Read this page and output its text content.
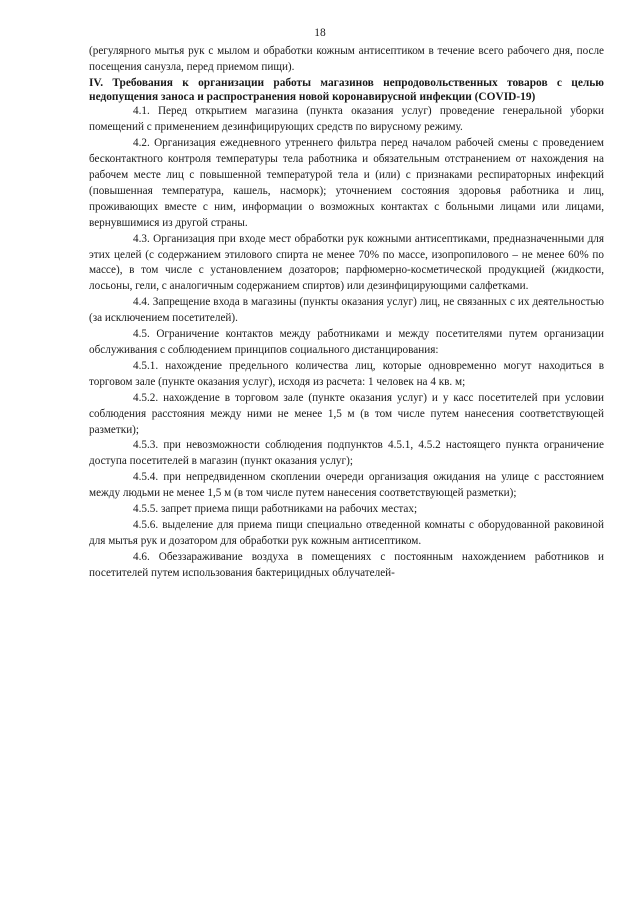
18

(регулярного мытья рук с мылом и обработки кожным антисептиком в течение всего рабочего дня, после посещения санузла, перед приемом пищи).

IV. Требования к организации работы магазинов непродовольственных товаров с целью недопущения заноса и распространения новой коронавирусной инфекции (COVID-19)

4.1. Перед открытием магазина (пункта оказания услуг) проведение генеральной уборки помещений с применением дезинфицирующих средств по вирусному режиму.

4.2. Организация ежедневного утреннего фильтра перед началом рабочей смены с проведением бесконтактного контроля температуры тела работника и обязательным отстранением от нахождения на рабочем месте лиц с повышенной температурой тела и (или) с признаками респираторных инфекций (повышенная температура, кашель, насморк); уточнением состояния здоровья работника и лиц, проживающих вместе с ним, информации о возможных контактах с больными лицами или лицами, вернувшимися из другой страны.

4.3. Организация при входе мест обработки рук кожными антисептиками, предназначенными для этих целей (с содержанием этилового спирта не менее 70% по массе, изопропилового – не менее 60% по массе), в том числе с установлением дозаторов; парфюмерно-косметической продукцией (жидкости, лосьоны, гели, с аналогичным содержанием спиртов) или дезинфицирующими салфетками.

4.4. Запрещение входа в магазины (пункты оказания услуг) лиц, не связанных с их деятельностью (за исключением посетителей).

4.5. Ограничение контактов между работниками и между посетителями путем организации обслуживания с соблюдением принципов социального дистанцирования:

4.5.1. нахождение предельного количества лиц, которые одновременно могут находиться в торговом зале (пункте оказания услуг), исходя из расчета: 1 человек на 4 кв. м;

4.5.2. нахождение в торговом зале (пункте оказания услуг) и у касс посетителей при условии соблюдения расстояния между ними не менее 1,5 м (в том числе путем нанесения соответствующей разметки);

4.5.3. при невозможности соблюдения подпунктов 4.5.1, 4.5.2 настоящего пункта ограничение доступа посетителей в магазин (пункт оказания услуг);

4.5.4. при непредвиденном скоплении очереди организация ожидания на улице с расстоянием между людьми не менее 1,5 м (в том числе путем нанесения соответствующей разметки);

4.5.5. запрет приема пищи работниками на рабочих местах;

4.5.6. выделение для приема пищи специально отведенной комнаты с оборудованной раковиной для мытья рук и дозатором для обработки рук кожным антисептиком.

4.6. Обеззараживание воздуха в помещениях с постоянным нахождением работников и посетителей путем использования бактерицидных облучателей-
